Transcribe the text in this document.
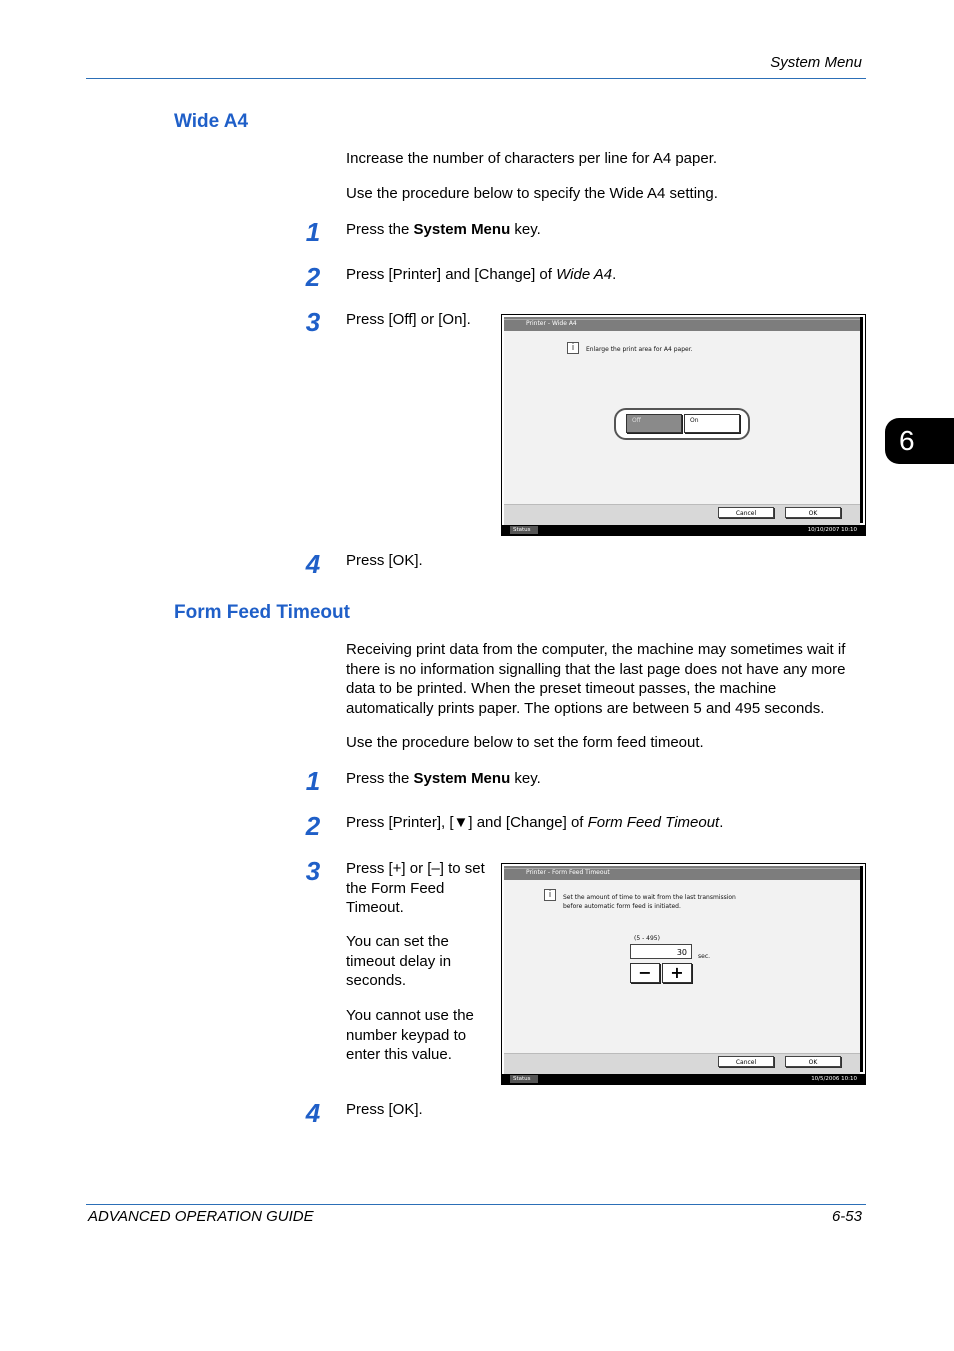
System Menu
6
Wide A4
Increase the number of characters per line for A4 paper.
Use the procedure below to specify the Wide A4 setting.
1	Press the System Menu key.
2	Press [Printer] and [Change] of Wide A4.
3	Press [Off] or [On].	Printer - Wide A4
i	Enlarge the print area for A4 paper.
Off	On
Cancel	OK
Status	10/10/2007 10:10
4	Press [OK].
Form Feed Timeout
Receiving print data from the computer, the machine may sometimes wait if there is no information signalling that the last page does not have any more data to be printed. When the preset timeout passes, the machine automatically prints paper. The options are between 5 and 495 seconds.
Use the procedure below to set the form feed timeout.
1	Press the System Menu key.
2	Press [Printer], [▼] and [Change] of Form Feed Timeout.
3	Press [+] or [–] to set the Form Feed Timeout.
You can set the timeout delay in seconds.
You cannot use the number keypad to enter this value.
Printer - Form Feed Timeout
i	Set the amount of time to wait from the last transmission
before automatic form feed is initiated.
(5 - 495)
30	sec.
−	+
Cancel	OK
Status	10/5/2006 10:10
4	Press [OK].
ADVANCED OPERATION GUIDE	6-53
